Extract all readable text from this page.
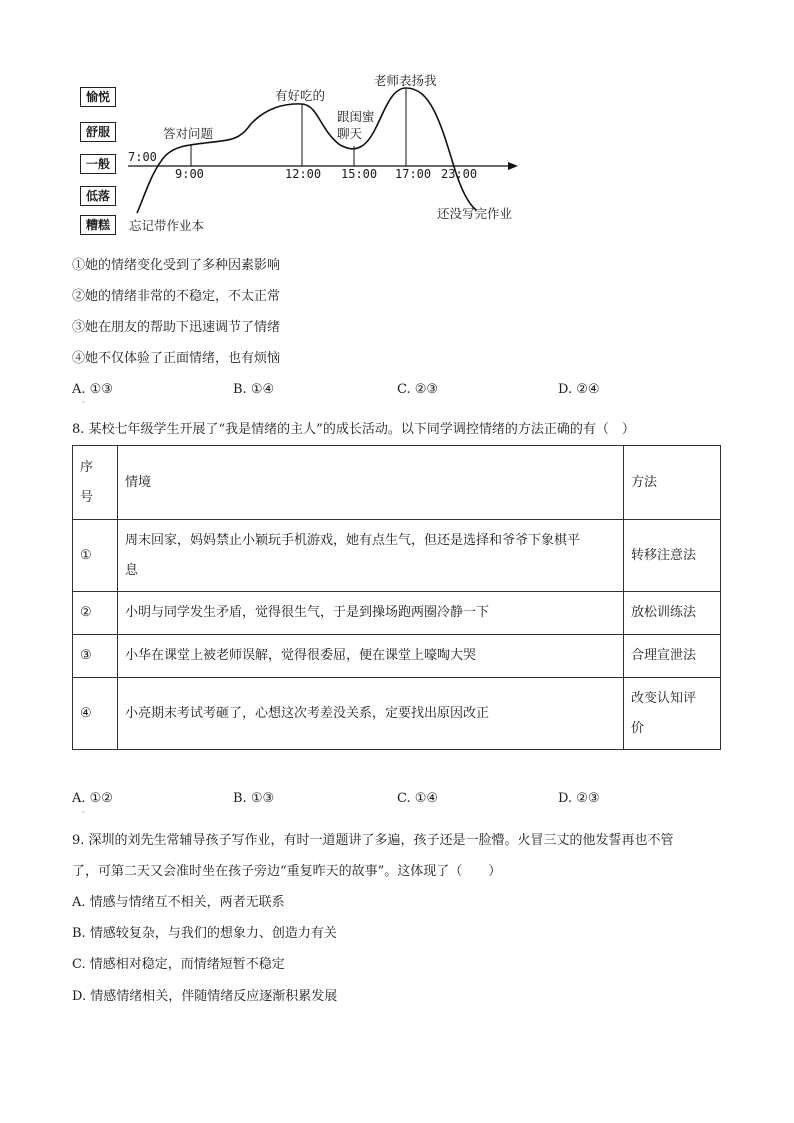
愉悦
舒服
一般
低落
糟糕
7:00
9:00	12:00 15:00 17:00 23:00
答对问题
有好吃的
跟闺蜜
聊天
老师表扬我
忘记带作业本
还没写完作业
①她的情绪变化受到了多种因素影响
②她的情绪非常的不稳定，不太正常
③她在朋友的帮助下迅速调节了情绪
④她不仅体验了正面情绪，也有烦恼
A. ①③	B. ①④	C. ②③	D. ②④
·
8. 某校七年级学生开展了“我是情绪的主人”的成长活动。以下同学调控情绪的方法正确的有（　）
序
号	情境	方法
①	周末回家，妈妈禁止小颖玩手机游戏，她有点生气，但还是选择和爷爷下象棋平
息	转移注意法
②	小明与同学发生矛盾，觉得很生气，于是到操场跑两圈冷静一下	放松训练法
③	小华在课堂上被老师误解，觉得很委屈，便在课堂上嚎啕大哭	合理宣泄法
④	小亮期末考试考砸了，心想这次考差没关系，定要找出原因改正	改变认知评
价
A. ①②	B. ①③	C. ①④	D. ②③
·
9. 深圳的刘先生常辅导孩子写作业，有时一道题讲了多遍，孩子还是一脸懵。火冒三丈的他发誓再也不管
了，可第二天又会准时坐在孩子旁边“重复昨天的故事”。这体现了（　　）
A. 情感与情绪互不相关，两者无联系
B. 情感较复杂，与我们的想象力、创造力有关
C. 情感相对稳定，而情绪短暂不稳定
D. 情感情绪相关，伴随情绪反应逐渐积累发展
